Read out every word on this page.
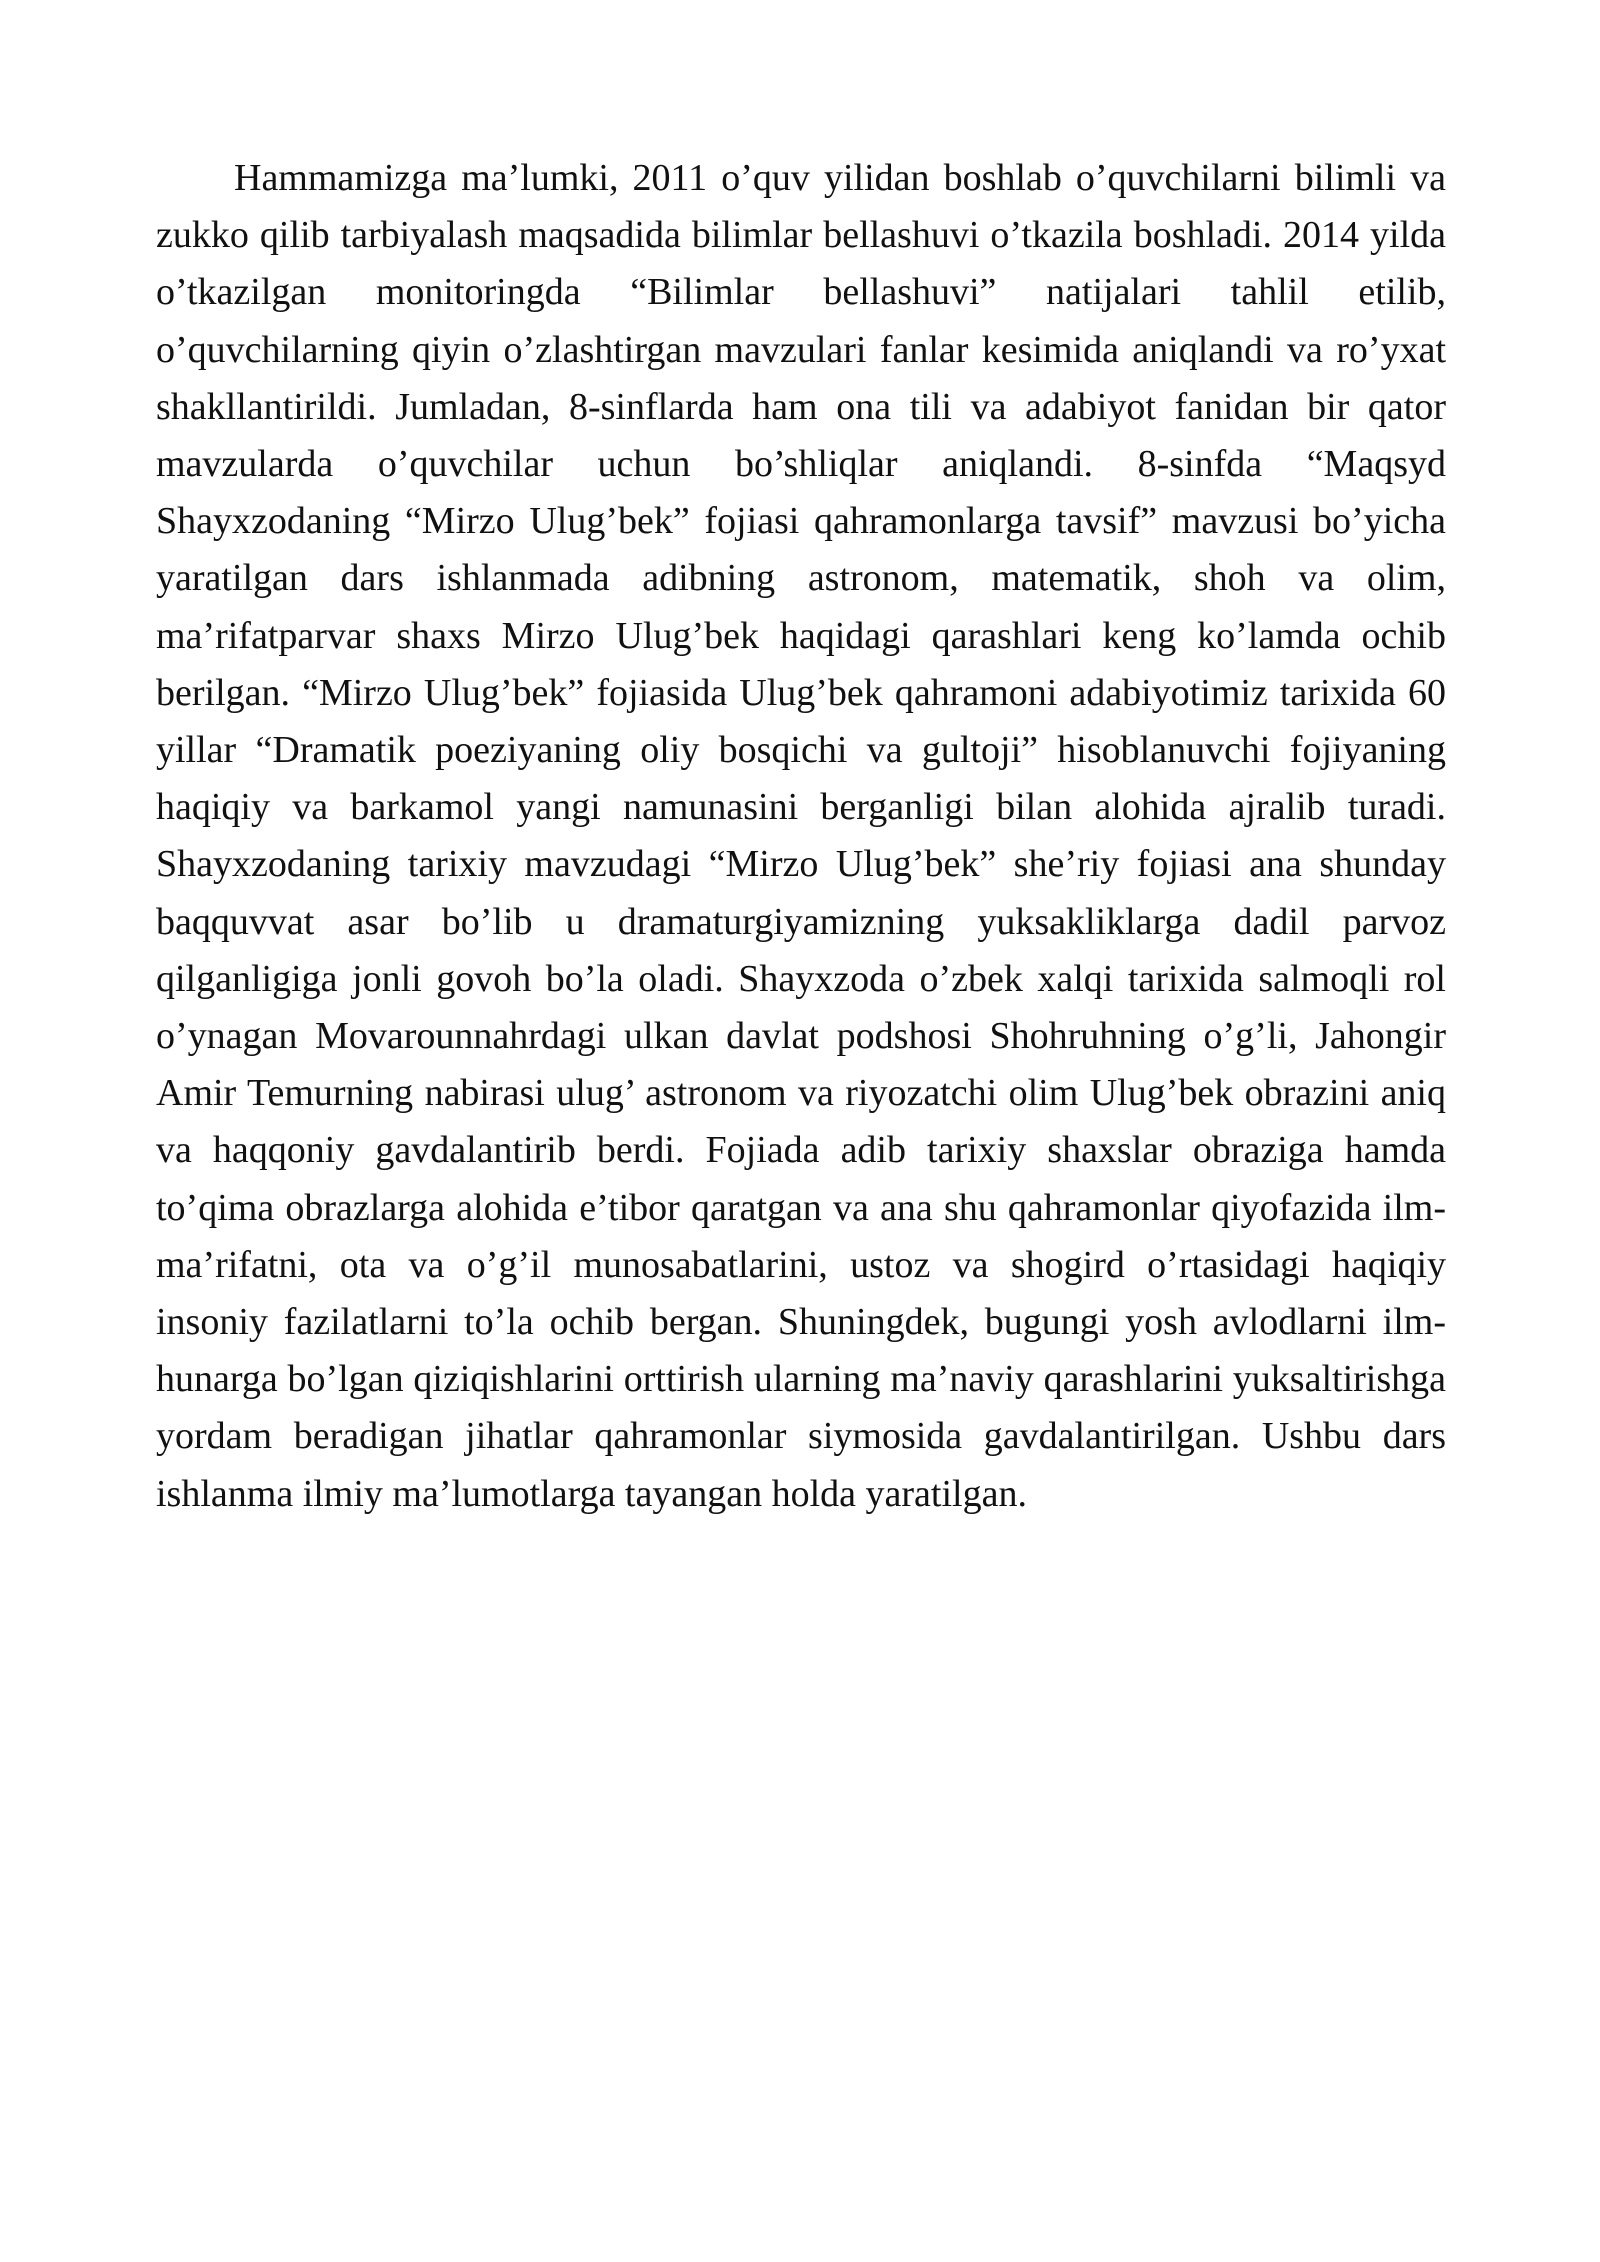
Hammamizga ma’lumki, 2011 o’quv yilidan boshlab o’quvchilarni bilimli va zukko qilib tarbiyalash maqsadida bilimlar bellashuvi o’tkazila boshladi. 2014 yilda o’tkazilgan monitoringda “Bilimlar bellashuvi” natijalari tahlil etilib, o’quvchilarning qiyin o’zlashtirgan mavzulari fanlar kesimida aniqlandi va ro’yxat shakllantirildi. Jumladan, 8-sinflarda ham ona tili va adabiyot fanidan bir qator mavzularda o’quvchilar uchun bo’shliqlar aniqlandi. 8-sinfda “Maqsyd Shayxzodaning “Mirzo Ulug’bek” fojiasi qahramonlarga tavsif” mavzusi bo’yicha yaratilgan dars ishlanmada adibning astronom, matematik, shoh va olim, ma’rifatparvar shaxs Mirzo Ulug’bek haqidagi qarashlari keng ko’lamda ochib berilgan. “Mirzo Ulug’bek” fojiasida Ulug’bek qahramoni adabiyotimiz tarixida 60 yillar “Dramatik poeziyaning oliy bosqichi va gultoji” hisoblanuvchi fojiyaning haqiqiy va barkamol yangi namunasini berganligi bilan alohida ajralib turadi. Shayxzodaning tarixiy mavzudagi “Mirzo Ulug’bek” she’riy fojiasi ana shunday baqquvvat asar bo’lib u dramaturgiyamizning yuksakliklarga dadil parvoz qilganligiga jonli govoh bo’la oladi. Shayxzoda o’zbek xalqi tarixida salmoqli rol o’ynagan Movarounnahrdagi ulkan davlat podshosi Shohruhning o’g’li, Jahongir Amir Temurning nabirasi ulug’ astronom va riyozatchi olim Ulug’bek obrazini aniq va haqqoniy gavdalantirib berdi. Fojiada adib tarixiy shaxslar obraziga hamda to’qima obrazlarga alohida e’tibor qaratgan va ana shu qahramonlar qiyofazida ilm-ma’rifatni, ota va o’g’il munosabatlarini, ustoz va shogird o’rtasidagi haqiqiy insoniy fazilatlarni to’la ochib bergan. Shuningdek, bugungi yosh avlodlarni ilm-hunarga bo’lgan qiziqishlarini orttirish ularning ma’naviy qarashlarini yuksaltirishga yordam beradigan jihatlar qahramonlar siymosida gavdalantirilgan. Ushbu dars ishlanma ilmiy ma’lumotlarga tayangan holda yaratilgan.
